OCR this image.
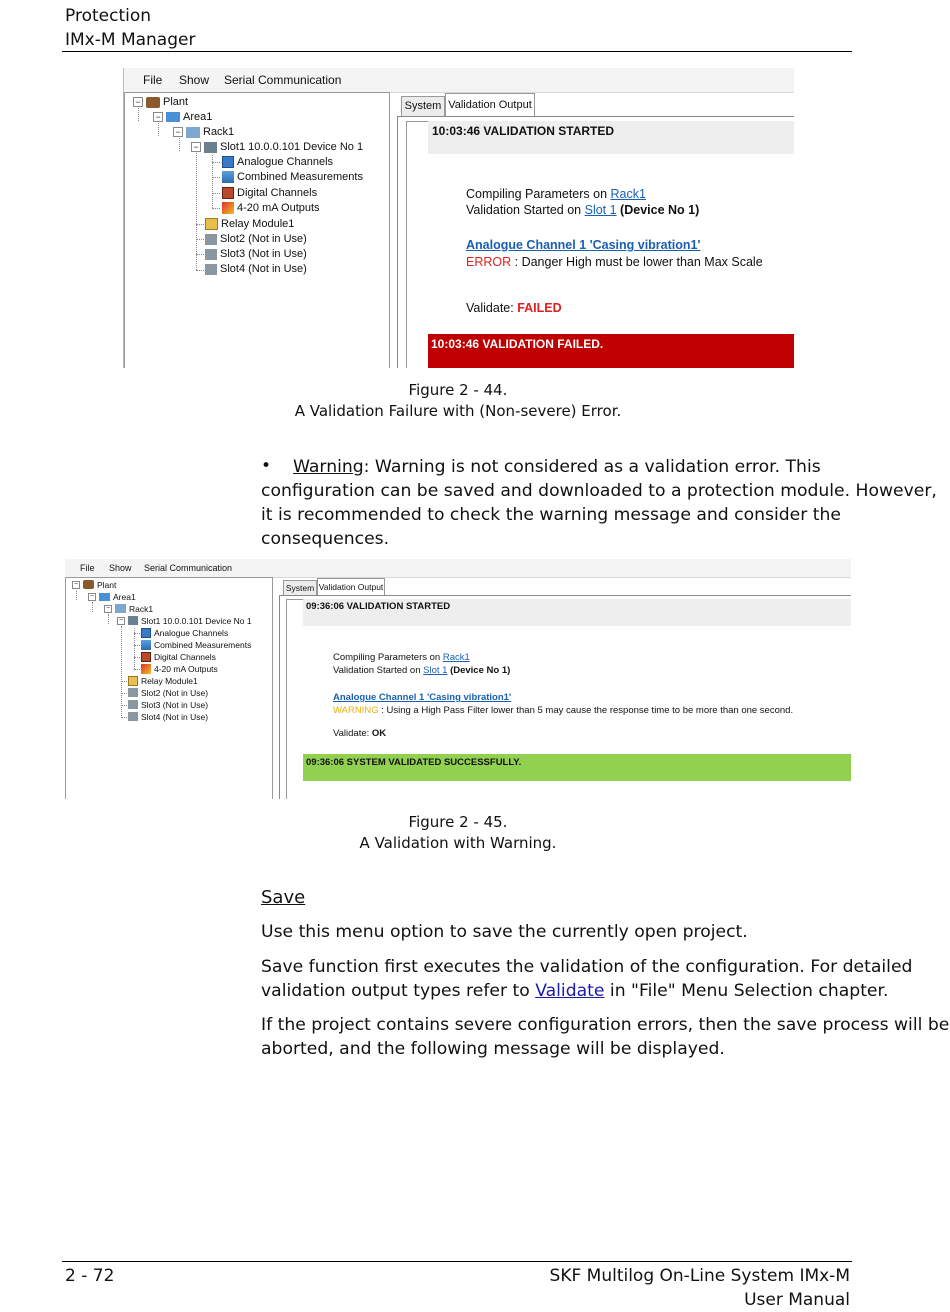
Protection
IMx-M Manager
File Show Serial Communication
− Plant
− Area1
− Rack1
− Slot1 10.0.0.101 Device No 1
Analogue Channels
Combined Measurements
Digital Channels
4-20 mA Outputs
Relay Module1
Slot2 (Not in Use)
Slot3 (Not in Use)
Slot4 (Not in Use)
System Validation Output
10:03:46 VALIDATION STARTED
Compiling Parameters on Rack1
Validation Started on Slot 1 (Device No 1)
Analogue Channel 1 'Casing vibration1'
ERROR : Danger High must be lower than Max Scale
Validate: FAILED
10:03:46 VALIDATION FAILED.
Figure 2 - 44.
A Validation Failure with (Non-severe) Error.
•	Warning: Warning is not considered as a validation error. This
configuration can be saved and downloaded to a protection module. However,
it is recommended to check the warning message and consider the
consequences.
File Show Serial Communication
− Plant
− Area1
− Rack1
− Slot1 10.0.0.101 Device No 1
Analogue Channels
Combined Measurements
Digital Channels
4-20 mA Outputs
Relay Module1
Slot2 (Not in Use)
Slot3 (Not in Use)
Slot4 (Not in Use)
System Validation Output
09:36:06 VALIDATION STARTED
Compiling Parameters on Rack1
Validation Started on Slot 1 (Device No 1)
Analogue Channel 1 'Casing vibration1'
WARNING : Using a High Pass Filter lower than 5 may cause the response time to be more than one second.
Validate: OK
09:36:06 SYSTEM VALIDATED SUCCESSFULLY.
Figure 2 - 45.
A Validation with Warning.
Save
Use this menu option to save the currently open project.
Save function first executes the validation of the configuration. For detailed
validation output types refer to Validate in "File" Menu Selection chapter.
If the project contains severe configuration errors, then the save process will be
aborted, and the following message will be displayed.
2 - 72	SKF Multilog On-Line System IMx-M
User Manual
